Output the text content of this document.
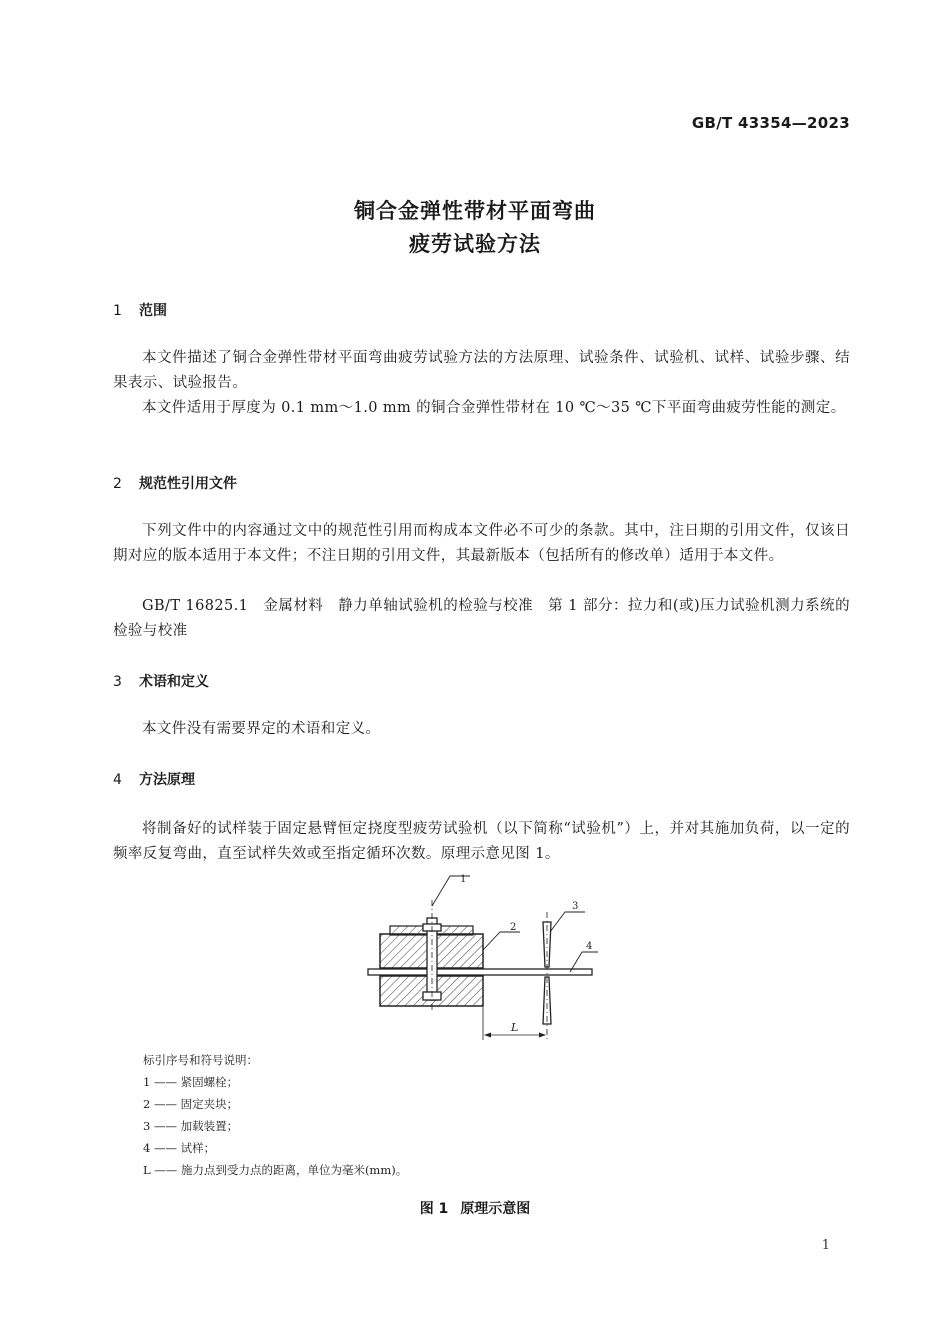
GB/T 43354—2023
铜合金弹性带材平面弯曲
疲劳试验方法
1 范围
本文件描述了铜合金弹性带材平面弯曲疲劳试验方法的方法原理、试验条件、试验机、试样、试验步骤、结果表示、试验报告。
本文件适用于厚度为 0.1 mm～1.0 mm 的铜合金弹性带材在 10 ℃～35 ℃下平面弯曲疲劳性能的测定。
2 规范性引用文件
下列文件中的内容通过文中的规范性引用而构成本文件必不可少的条款。其中，注日期的引用文件，仅该日期对应的版本适用于本文件；不注日期的引用文件，其最新版本（包括所有的修改单）适用于本文件。
GB/T 16825.1　金属材料　静力单轴试验机的检验与校准　第 1 部分：拉力和(或)压力试验机测力系统的检验与校准
3 术语和定义
本文件没有需要界定的术语和定义。
4 方法原理
将制备好的试样装于固定悬臂恒定挠度型疲劳试验机（以下简称“试验机”）上，并对其施加负荷，以一定的频率反复弯曲，直至试样失效或至指定循环次数。原理示意见图 1。
1
2
3
4
L
标引序号和符号说明：
1 —— 紧固螺栓；
2 —— 固定夹块；
3 —— 加载装置；
4 —— 试样；
L —— 施力点到受力点的距离，单位为毫米(mm)。
图 1 原理示意图
1
